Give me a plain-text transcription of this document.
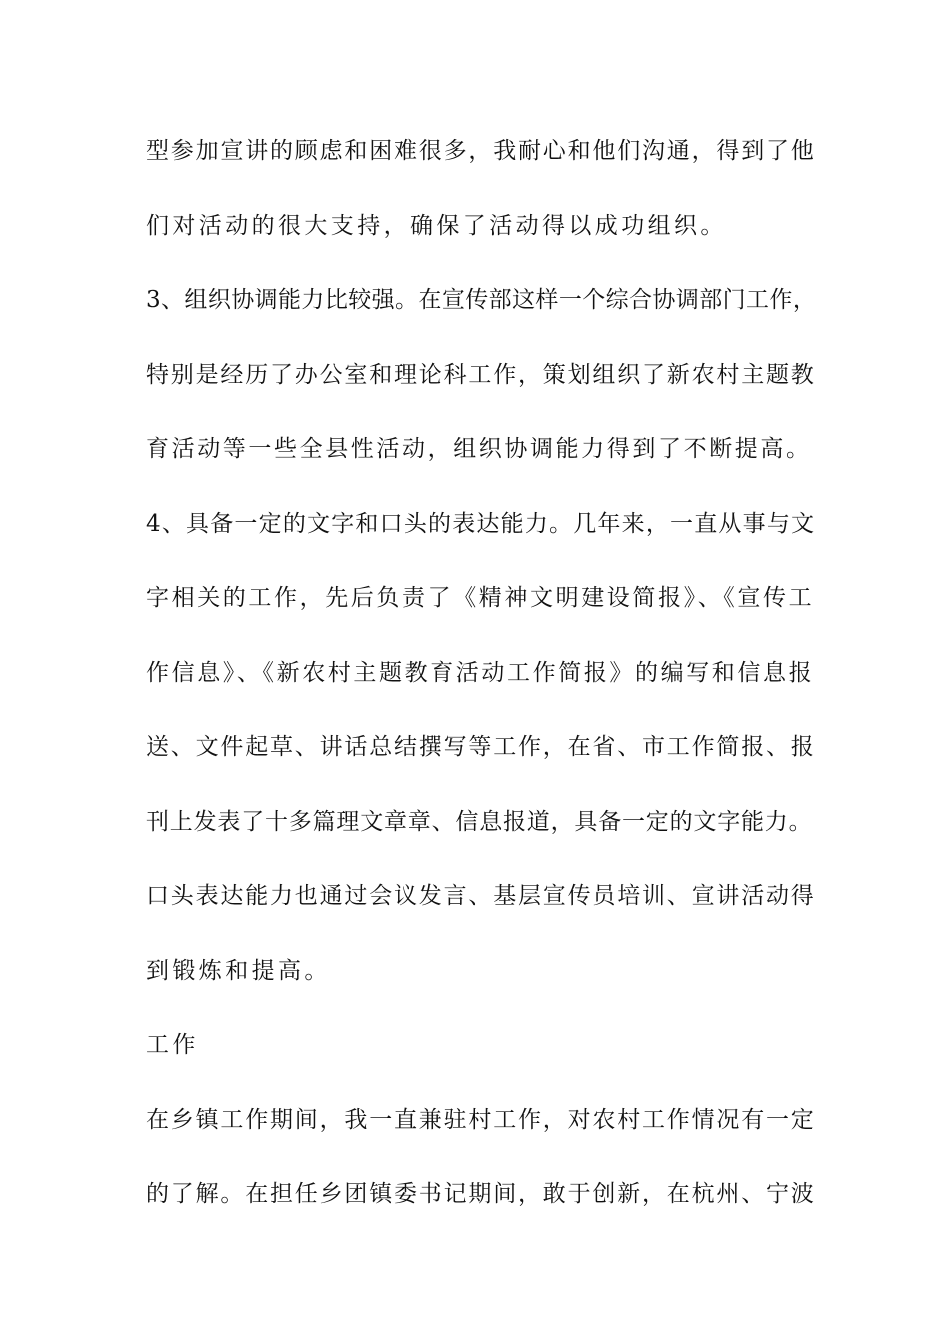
型参加宣讲的顾虑和困难很多，我耐心和他们沟通，得到了他
们对活动的很大支持，确保了活动得以成功组织。
3、组织协调能力比较强。在宣传部这样一个综合协调部门工作，
特别是经历了办公室和理论科工作，策划组织了新农村主题教
育活动等一些全县性活动，组织协调能力得到了不断提高。
4、具备一定的文字和口头的表达能力。几年来，一直从事与文
字相关的工作，先后负责了《精神文明建设简报》、《宣传工
作信息》、《新农村主题教育活动工作简报》的编写和信息报
送、文件起草、讲话总结撰写等工作，在省、市工作简报、报
刊上发表了十多篇理文章章、信息报道，具备一定的文字能力。
口头表达能力也通过会议发言、基层宣传员培训、宣讲活动得
到锻炼和提高。
工作
在乡镇工作期间，我一直兼驻村工作，对农村工作情况有一定
的了解。在担任乡团镇委书记期间，敢于创新，在杭州、宁波
